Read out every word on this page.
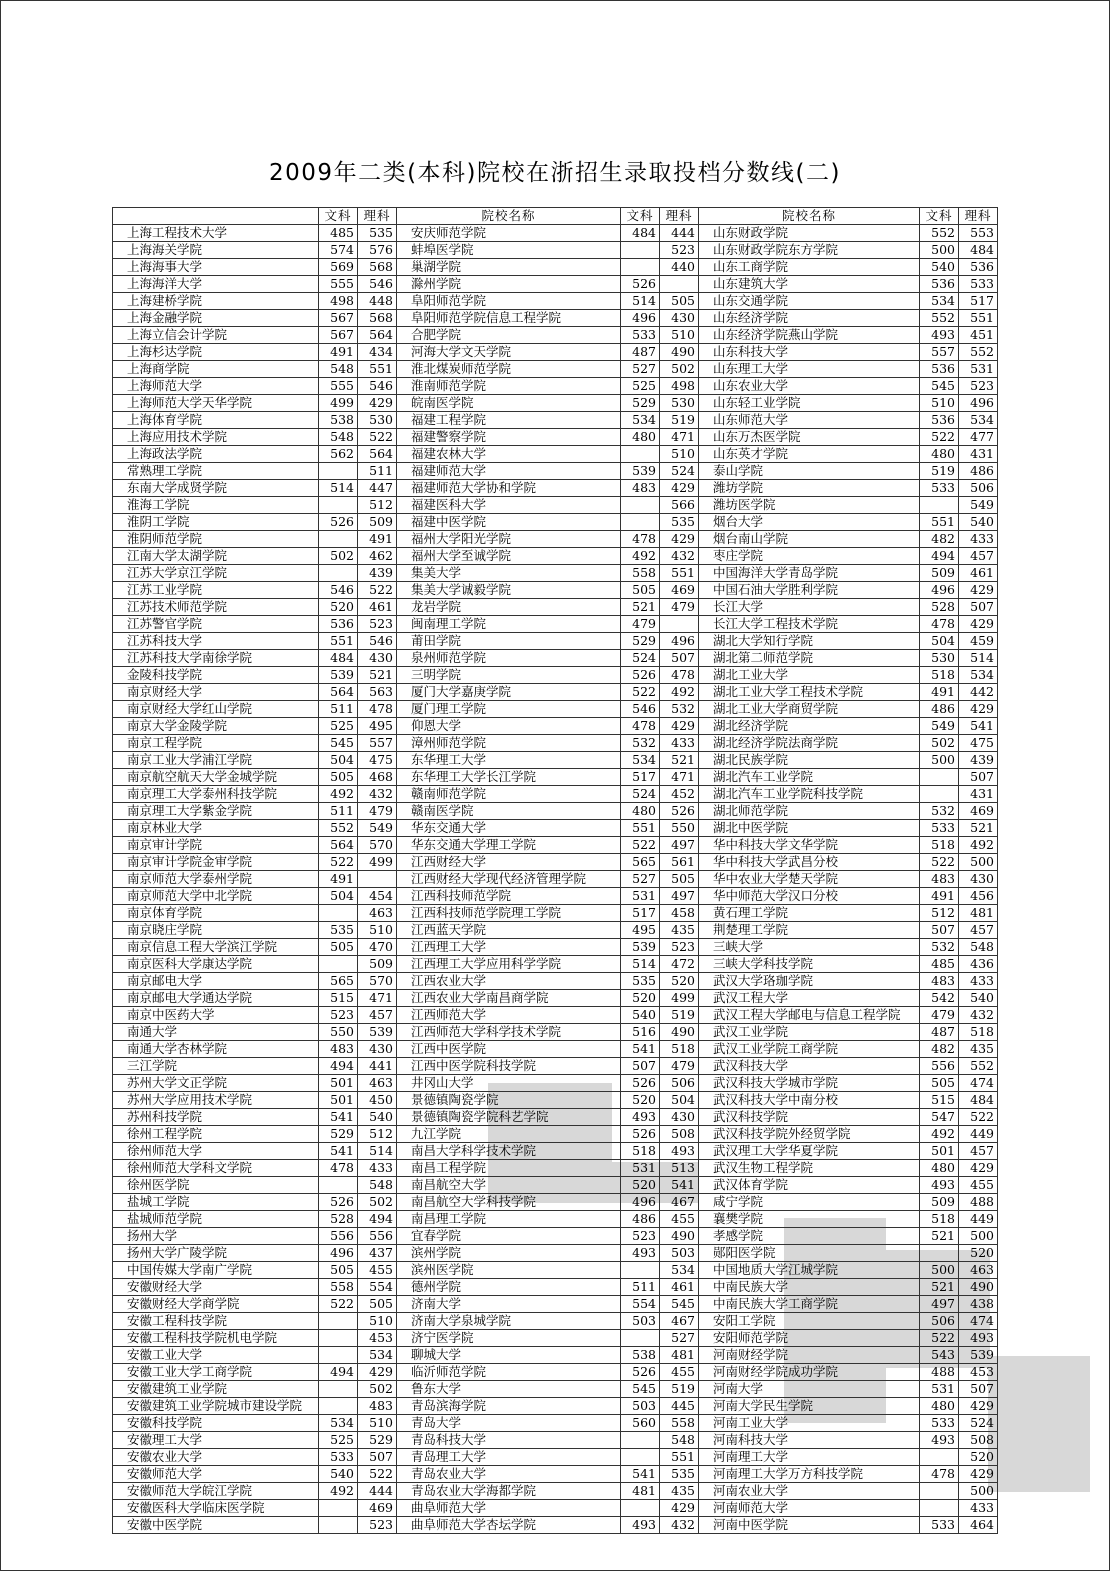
2009年二类(本科)院校在浙招生录取投档分数线(二)
	文科	理科	院校名称	文科	理科	院校名称	文科	理科
上海工程技术大学	485	535	安庆师范学院	484	444	山东财政学院	552	553
上海海关学院	574	576	蚌埠医学院		523	山东财政学院东方学院	500	484
上海海事大学	569	568	巢湖学院		440	山东工商学院	540	536
上海海洋大学	555	546	滁州学院	526		山东建筑大学	536	533
上海建桥学院	498	448	阜阳师范学院	514	505	山东交通学院	534	517
上海金融学院	567	568	阜阳师范学院信息工程学院	496	430	山东经济学院	552	551
上海立信会计学院	567	564	合肥学院	533	510	山东经济学院燕山学院	493	451
上海杉达学院	491	434	河海大学文天学院	487	490	山东科技大学	557	552
上海商学院	548	551	淮北煤炭师范学院	527	502	山东理工大学	536	531
上海师范大学	555	546	淮南师范学院	525	498	山东农业大学	545	523
上海师范大学天华学院	499	429	皖南医学院	529	530	山东轻工业学院	510	496
上海体育学院	538	530	福建工程学院	534	519	山东师范大学	536	534
上海应用技术学院	548	522	福建警察学院	480	471	山东万杰医学院	522	477
上海政法学院	562	564	福建农林大学		510	山东英才学院	480	431
常熟理工学院		511	福建师范大学	539	524	泰山学院	519	486
东南大学成贤学院	514	447	福建师范大学协和学院	483	429	潍坊学院	533	506
淮海工学院		512	福建医科大学		566	潍坊医学院		549
淮阴工学院	526	509	福建中医学院		535	烟台大学	551	540
淮阴师范学院		491	福州大学阳光学院	478	429	烟台南山学院	482	433
江南大学太湖学院	502	462	福州大学至诚学院	492	432	枣庄学院	494	457
江苏大学京江学院		439	集美大学	558	551	中国海洋大学青岛学院	509	461
江苏工业学院	546	522	集美大学诚毅学院	505	469	中国石油大学胜利学院	496	429
江苏技术师范学院	520	461	龙岩学院	521	479	长江大学	528	507
江苏警官学院	536	523	闽南理工学院	479		长江大学工程技术学院	478	429
江苏科技大学	551	546	莆田学院	529	496	湖北大学知行学院	504	459
江苏科技大学南徐学院	484	430	泉州师范学院	524	507	湖北第二师范学院	530	514
金陵科技学院	539	521	三明学院	526	478	湖北工业大学	518	534
南京财经大学	564	563	厦门大学嘉庚学院	522	492	湖北工业大学工程技术学院	491	442
南京财经大学红山学院	511	478	厦门理工学院	546	532	湖北工业大学商贸学院	486	429
南京大学金陵学院	525	495	仰恩大学	478	429	湖北经济学院	549	541
南京工程学院	545	557	漳州师范学院	532	433	湖北经济学院法商学院	502	475
南京工业大学浦江学院	504	475	东华理工大学	534	521	湖北民族学院	500	439
南京航空航天大学金城学院	505	468	东华理工大学长江学院	517	471	湖北汽车工业学院		507
南京理工大学泰州科技学院	492	432	赣南师范学院	524	452	湖北汽车工业学院科技学院		431
南京理工大学紫金学院	511	479	赣南医学院	480	526	湖北师范学院	532	469
南京林业大学	552	549	华东交通大学	551	550	湖北中医学院	533	521
南京审计学院	564	570	华东交通大学理工学院	522	497	华中科技大学文华学院	518	492
南京审计学院金审学院	522	499	江西财经大学	565	561	华中科技大学武昌分校	522	500
南京师范大学泰州学院	491		江西财经大学现代经济管理学院	527	505	华中农业大学楚天学院	483	430
南京师范大学中北学院	504	454	江西科技师范学院	531	497	华中师范大学汉口分校	491	456
南京体育学院		463	江西科技师范学院理工学院	517	458	黄石理工学院	512	481
南京晓庄学院	535	510	江西蓝天学院	495	435	荆楚理工学院	507	457
南京信息工程大学滨江学院	505	470	江西理工大学	539	523	三峡大学	532	548
南京医科大学康达学院		509	江西理工大学应用科学学院	514	472	三峡大学科技学院	485	436
南京邮电大学	565	570	江西农业大学	535	520	武汉大学珞珈学院	483	433
南京邮电大学通达学院	515	471	江西农业大学南昌商学院	520	499	武汉工程大学	542	540
南京中医药大学	523	457	江西师范大学	540	519	武汉工程大学邮电与信息工程学院	479	432
南通大学	550	539	江西师范大学科学技术学院	516	490	武汉工业学院	487	518
南通大学杏林学院	483	430	江西中医学院	541	518	武汉工业学院工商学院	482	435
三江学院	494	441	江西中医学院科技学院	507	479	武汉科技大学	556	552
苏州大学文正学院	501	463	井冈山大学	526	506	武汉科技大学城市学院	505	474
苏州大学应用技术学院	501	450	景德镇陶瓷学院	520	504	武汉科技大学中南分校	515	484
苏州科技学院	541	540	景德镇陶瓷学院科艺学院	493	430	武汉科技学院	547	522
徐州工程学院	529	512	九江学院	526	508	武汉科技学院外经贸学院	492	449
徐州师范大学	541	514	南昌大学科学技术学院	518	493	武汉理工大学华夏学院	501	457
徐州师范大学科文学院	478	433	南昌工程学院	531	513	武汉生物工程学院	480	429
徐州医学院		548	南昌航空大学	520	541	武汉体育学院	493	455
盐城工学院	526	502	南昌航空大学科技学院	496	467	咸宁学院	509	488
盐城师范学院	528	494	南昌理工学院	486	455	襄樊学院	518	449
扬州大学	556	556	宜春学院	523	490	孝感学院	521	500
扬州大学广陵学院	496	437	滨州学院	493	503	郧阳医学院		520
中国传媒大学南广学院	505	455	滨州医学院		534	中国地质大学江城学院	500	463
安徽财经大学	558	554	德州学院	511	461	中南民族大学	521	490
安徽财经大学商学院	522	505	济南大学	554	545	中南民族大学工商学院	497	438
安徽工程科技学院		510	济南大学泉城学院	503	467	安阳工学院	506	474
安徽工程科技学院机电学院		453	济宁医学院		527	安阳师范学院	522	493
安徽工业大学		534	聊城大学	538	481	河南财经学院	543	539
安徽工业大学工商学院	494	429	临沂师范学院	526	455	河南财经学院成功学院	488	453
安徽建筑工业学院		502	鲁东大学	545	519	河南大学	531	507
安徽建筑工业学院城市建设学院		483	青岛滨海学院	503	445	河南大学民生学院	480	429
安徽科技学院	534	510	青岛大学	560	558	河南工业大学	533	524
安徽理工大学	525	529	青岛科技大学		548	河南科技大学	493	508
安徽农业大学	533	507	青岛理工大学		551	河南理工大学		520
安徽师范大学	540	522	青岛农业大学	541	535	河南理工大学万方科技学院	478	429
安徽师范大学皖江学院	492	444	青岛农业大学海都学院	481	435	河南农业大学		500
安徽医科大学临床医学院		469	曲阜师范大学		429	河南师范大学		433
安徽中医学院		523	曲阜师范大学杏坛学院	493	432	河南中医学院	533	464
